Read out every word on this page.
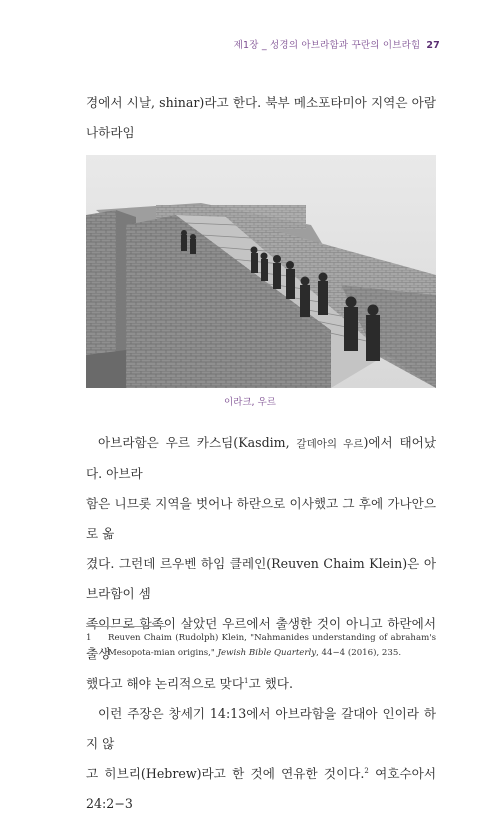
제1장 _ 성경의 아브라함과 꾸란의 이브라힘 27
경에서 시날, shinar)라고 한다. 북부 메소포타미아 지역은 아람 나하라임
이라크, 우르
아브라함은 우르 카스딤(Kasdim, 갈데아의 우르)에서 태어났다. 아브라
함은 니므롯 지역을 벗어나 하란으로 이사했고 그 후에 가나안으로 옮
겼다. 그런데 르우벤 하임 클레인(Reuven Chaim Klein)은 아브라함이 셈
족이므로 함족이 살았던 우르에서 출생한 것이 아니고 하란에서 출생
했다고 해야 논리적으로 맞다$^1$고 했다.
이런 주장은 창세기 14:13에서 아브라함을 갈대아 인이라 하지 않
고 히브리(Hebrew)라고 한 것에 연유한 것이다.$^2$ 여호수아서 24:2−3
1 Reuven Chaim (Rudolph) Klein, "Nahmanides understanding of abraham's Mesopota-mian origins," Jewish Bible Quarterly, 44−4 (2016), 235.
